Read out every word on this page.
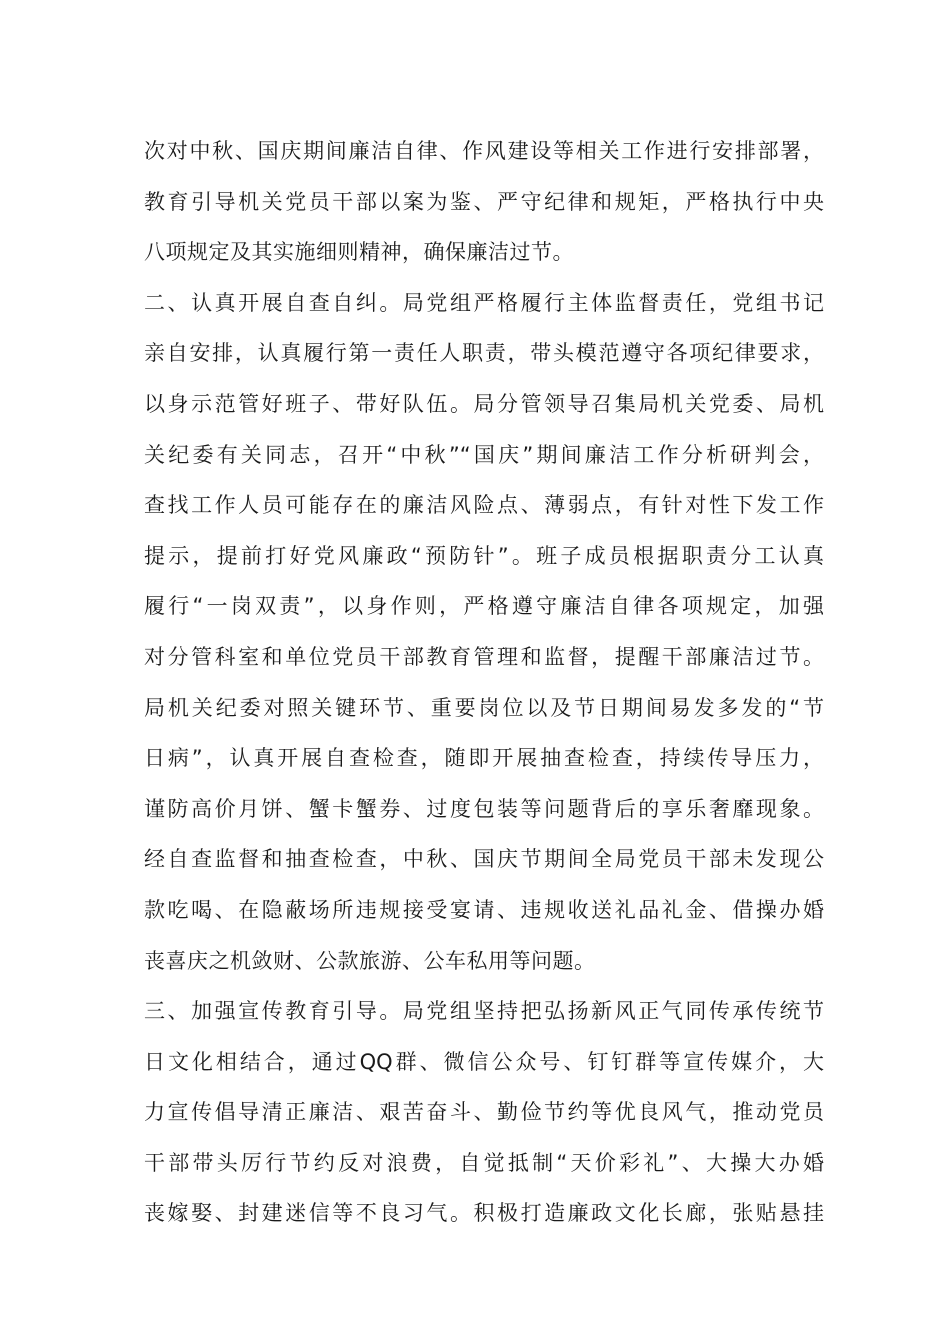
次对中秋、国庆期间廉洁自律、作风建设等相关工作进行安排部署，
教育引导机关党员干部以案为鉴、严守纪律和规矩，严格执行中央
八项规定及其实施细则精神，确保廉洁过节。
二、认真开展自查自纠。局党组严格履行主体监督责任，党组书记
亲自安排，认真履行第一责任人职责，带头模范遵守各项纪律要求，
以身示范管好班子、带好队伍。局分管领导召集局机关党委、局机
关纪委有关同志，召开“中秋”“国庆”期间廉洁工作分析研判会，
查找工作人员可能存在的廉洁风险点、薄弱点，有针对性下发工作
提示，提前打好党风廉政“预防针”。班子成员根据职责分工认真
履行“一岗双责”，以身作则，严格遵守廉洁自律各项规定，加强
对分管科室和单位党员干部教育管理和监督，提醒干部廉洁过节。
局机关纪委对照关键环节、重要岗位以及节日期间易发多发的“节
日病”，认真开展自查检查，随即开展抽查检查，持续传导压力，
谨防高价月饼、蟹卡蟹券、过度包装等问题背后的享乐奢靡现象。
经自查监督和抽查检查，中秋、国庆节期间全局党员干部未发现公
款吃喝、在隐蔽场所违规接受宴请、违规收送礼品礼金、借操办婚
丧喜庆之机敛财、公款旅游、公车私用等问题。
三、加强宣传教育引导。局党组坚持把弘扬新风正气同传承传统节
日文化相结合，通过QQ群、微信公众号、钉钉群等宣传媒介，大
力宣传倡导清正廉洁、艰苦奋斗、勤俭节约等优良风气，推动党员
干部带头厉行节约反对浪费，自觉抵制“天价彩礼”、大操大办婚
丧嫁娶、封建迷信等不良习气。积极打造廉政文化长廊，张贴悬挂
